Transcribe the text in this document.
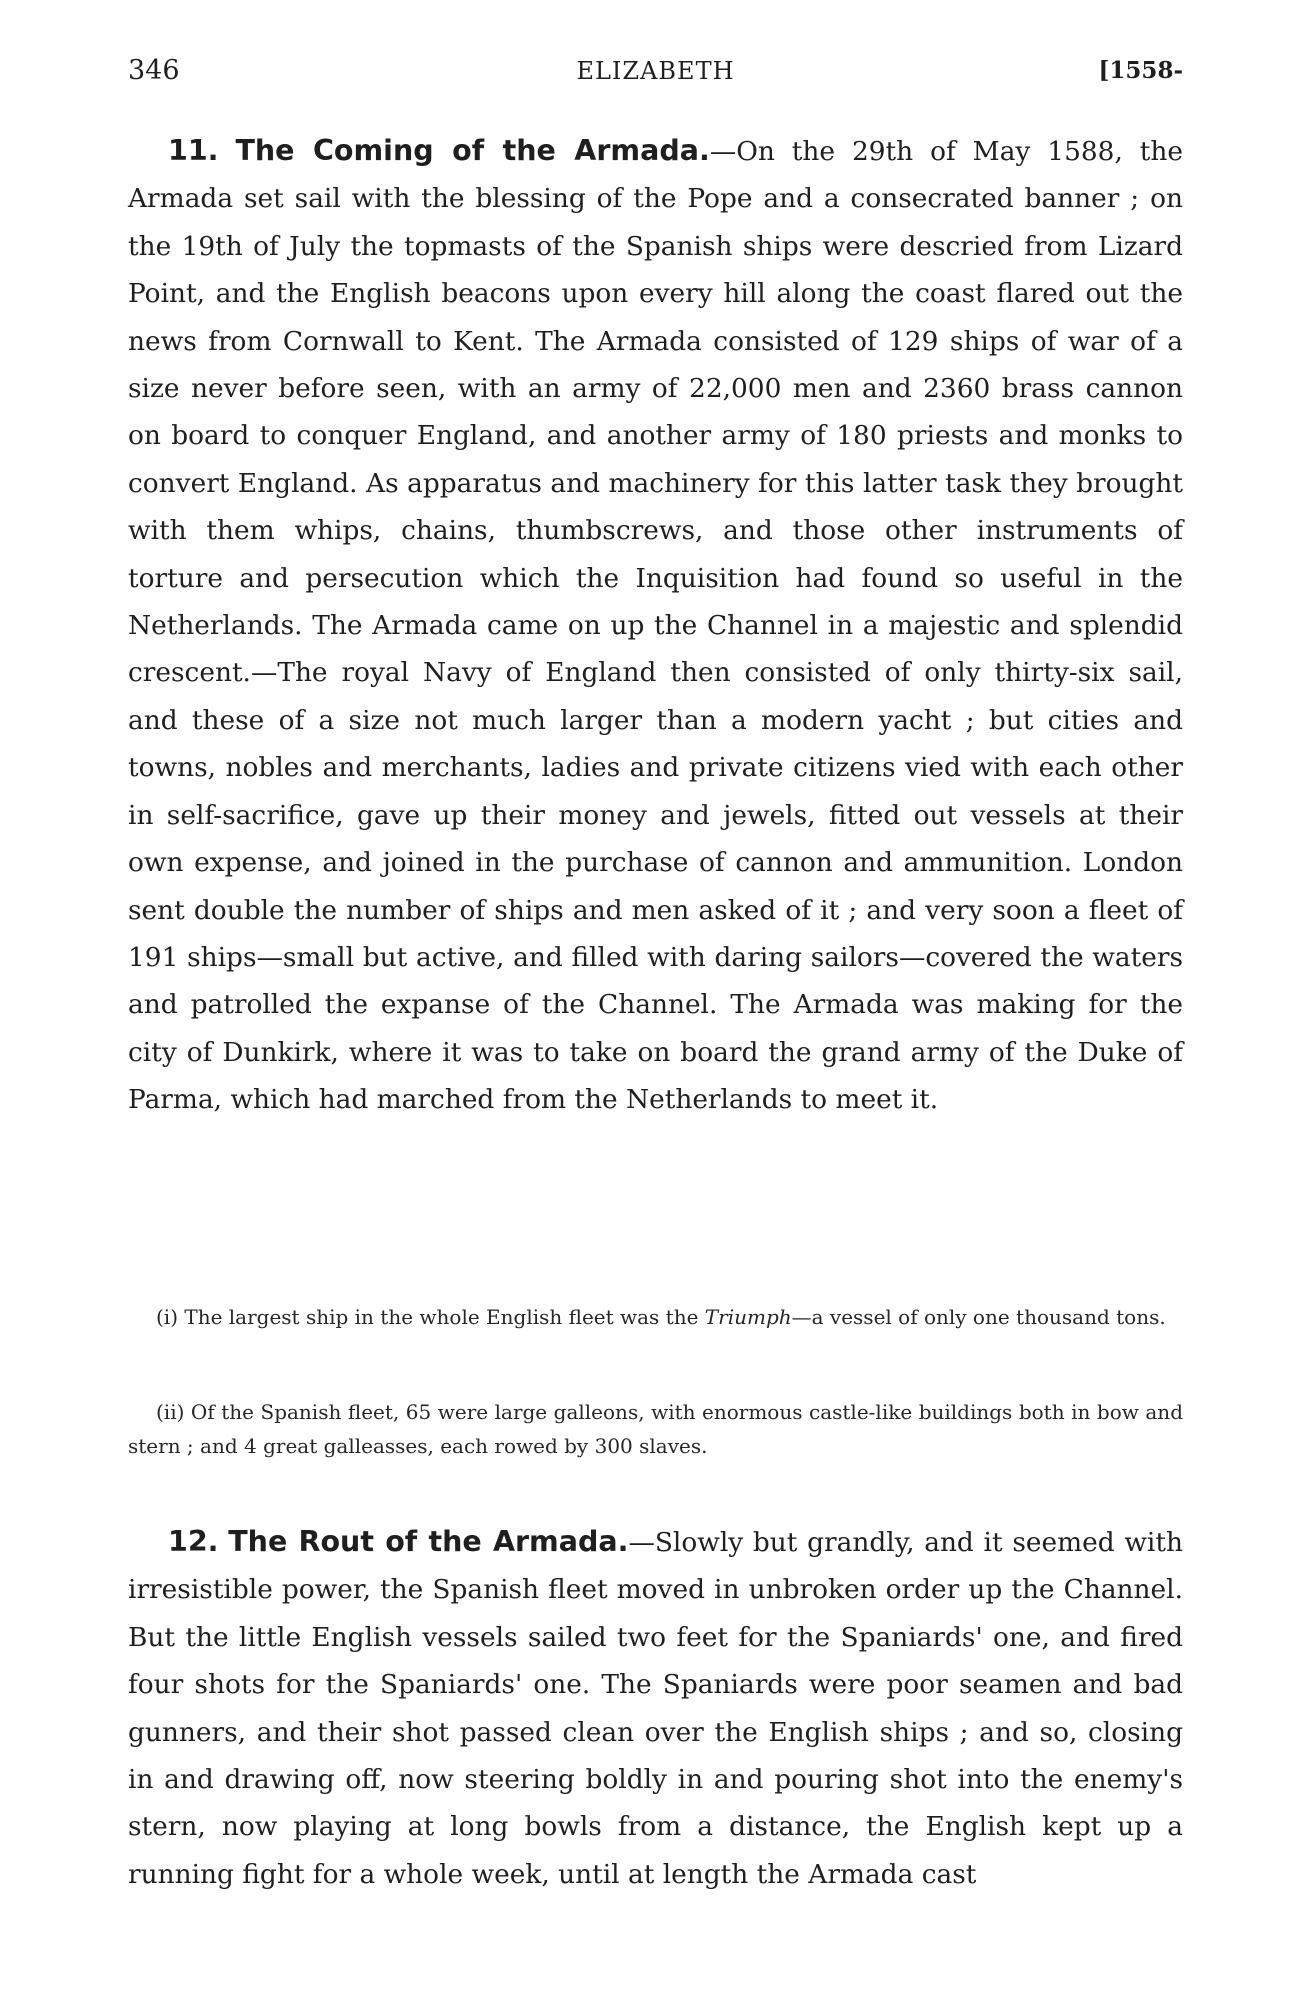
346	ELIZABETH	[1558-

11. The Coming of the Armada.—On the 29th of May 1588, the Armada set sail with the blessing of the Pope and a consecrated banner ; on the 19th of July the topmasts of the Spanish ships were descried from Lizard Point, and the English beacons upon every hill along the coast flared out the news from Cornwall to Kent. The Armada consisted of 129 ships of war of a size never before seen, with an army of 22,000 men and 2360 brass cannon on board to conquer England, and another army of 180 priests and monks to convert England. As apparatus and machinery for this latter task they brought with them whips, chains, thumbscrews, and those other instruments of torture and persecution which the Inquisition had found so useful in the Netherlands. The Armada came on up the Channel in a majestic and splendid crescent.—The royal Navy of England then consisted of only thirty-six sail, and these of a size not much larger than a modern yacht ; but cities and towns, nobles and merchants, ladies and private citizens vied with each other in self-sacrifice, gave up their money and jewels, fitted out vessels at their own expense, and joined in the purchase of cannon and ammunition. London sent double the number of ships and men asked of it ; and very soon a fleet of 191 ships—small but active, and filled with daring sailors—covered the waters and patrolled the expanse of the Channel. The Armada was making for the city of Dunkirk, where it was to take on board the grand army of the Duke of Parma, which had marched from the Netherlands to meet it.

(i) The largest ship in the whole English fleet was the Triumph—a vessel of only one thousand tons.

(ii) Of the Spanish fleet, 65 were large galleons, with enormous castle-like buildings both in bow and stern ; and 4 great galleasses, each rowed by 300 slaves.

12. The Rout of the Armada.—Slowly but grandly, and it seemed with irresistible power, the Spanish fleet moved in unbroken order up the Channel. But the little English vessels sailed two feet for the Spaniards' one, and fired four shots for the Spaniards' one. The Spaniards were poor seamen and bad gunners, and their shot passed clean over the English ships ; and so, closing in and drawing off, now steering boldly in and pouring shot into the enemy's stern, now playing at long bowls from a distance, the English kept up a running fight for a whole week, until at length the Armada cast
